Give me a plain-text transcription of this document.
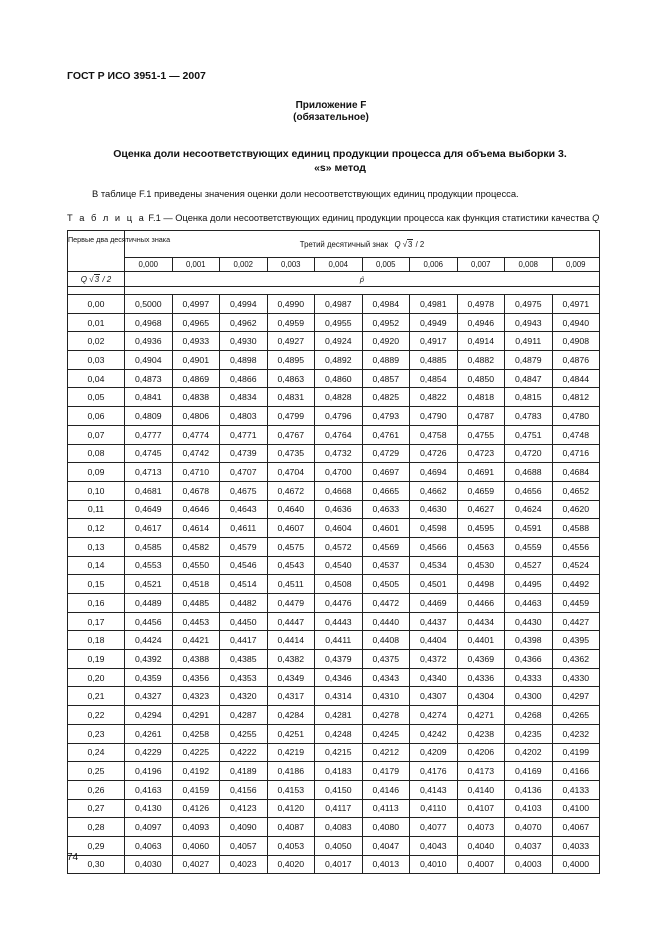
ГОСТ Р ИСО 3951-1 — 2007
Приложение F
(обязательное)
Оценка доли несоответствующих единиц продукции процесса для объема выборки 3.
«s» метод
В таблице F.1 приведены значения оценки доли несоответствующих единиц продукции процесса.
Т а б л и ц а F.1 — Оценка доли несоответствующих единиц продукции процесса как функция статистики качества Q
Первые два десятичных знака	Третий десятичный знак Q √3 / 2									
	0,000	0,001	0,002	0,003	0,004	0,005	0,006	0,007	0,008	0,009
Q √3 / 2	p̂									

0,00	0,5000	0,4997	0,4994	0,4990	0,4987	0,4984	0,4981	0,4978	0,4975	0,4971
0,01	0,4968	0,4965	0,4962	0,4959	0,4955	0,4952	0,4949	0,4946	0,4943	0,4940
0,02	0,4936	0,4933	0,4930	0,4927	0,4924	0,4920	0,4917	0,4914	0,4911	0,4908
0,03	0,4904	0,4901	0,4898	0,4895	0,4892	0,4889	0,4885	0,4882	0,4879	0,4876
0,04	0,4873	0,4869	0,4866	0,4863	0,4860	0,4857	0,4854	0,4850	0,4847	0,4844
0,05	0,4841	0,4838	0,4834	0,4831	0,4828	0,4825	0,4822	0,4818	0,4815	0,4812
0,06	0,4809	0,4806	0,4803	0,4799	0,4796	0,4793	0,4790	0,4787	0,4783	0,4780
0,07	0,4777	0,4774	0,4771	0,4767	0,4764	0,4761	0,4758	0,4755	0,4751	0,4748
0,08	0,4745	0,4742	0,4739	0,4735	0,4732	0,4729	0,4726	0,4723	0,4720	0,4716
0,09	0,4713	0,4710	0,4707	0,4704	0,4700	0,4697	0,4694	0,4691	0,4688	0,4684
0,10	0,4681	0,4678	0,4675	0,4672	0,4668	0,4665	0,4662	0,4659	0,4656	0,4652
0,11	0,4649	0,4646	0,4643	0,4640	0,4636	0,4633	0,4630	0,4627	0,4624	0,4620
0,12	0,4617	0,4614	0,4611	0,4607	0,4604	0,4601	0,4598	0,4595	0,4591	0,4588
0,13	0,4585	0,4582	0,4579	0,4575	0,4572	0,4569	0,4566	0,4563	0,4559	0,4556
0,14	0,4553	0,4550	0,4546	0,4543	0,4540	0,4537	0,4534	0,4530	0,4527	0,4524
0,15	0,4521	0,4518	0,4514	0,4511	0,4508	0,4505	0,4501	0,4498	0,4495	0,4492
0,16	0,4489	0,4485	0,4482	0,4479	0,4476	0,4472	0,4469	0,4466	0,4463	0,4459
0,17	0,4456	0,4453	0,4450	0,4447	0,4443	0,4440	0,4437	0,4434	0,4430	0,4427
0,18	0,4424	0,4421	0,4417	0,4414	0,4411	0,4408	0,4404	0,4401	0,4398	0,4395
0,19	0,4392	0,4388	0,4385	0,4382	0,4379	0,4375	0,4372	0,4369	0,4366	0,4362
0,20	0,4359	0,4356	0,4353	0,4349	0,4346	0,4343	0,4340	0,4336	0,4333	0,4330
0,21	0,4327	0,4323	0,4320	0,4317	0,4314	0,4310	0,4307	0,4304	0,4300	0,4297
0,22	0,4294	0,4291	0,4287	0,4284	0,4281	0,4278	0,4274	0,4271	0,4268	0,4265
0,23	0,4261	0,4258	0,4255	0,4251	0,4248	0,4245	0,4242	0,4238	0,4235	0,4232
0,24	0,4229	0,4225	0,4222	0,4219	0,4215	0,4212	0,4209	0,4206	0,4202	0,4199
0,25	0,4196	0,4192	0,4189	0,4186	0,4183	0,4179	0,4176	0,4173	0,4169	0,4166
0,26	0,4163	0,4159	0,4156	0,4153	0,4150	0,4146	0,4143	0,4140	0,4136	0,4133
0,27	0,4130	0,4126	0,4123	0,4120	0,4117	0,4113	0,4110	0,4107	0,4103	0,4100
0,28	0,4097	0,4093	0,4090	0,4087	0,4083	0,4080	0,4077	0,4073	0,4070	0,4067
0,29	0,4063	0,4060	0,4057	0,4053	0,4050	0,4047	0,4043	0,4040	0,4037	0,4033
0,30	0,4030	0,4027	0,4023	0,4020	0,4017	0,4013	0,4010	0,4007	0,4003	0,4000
74
